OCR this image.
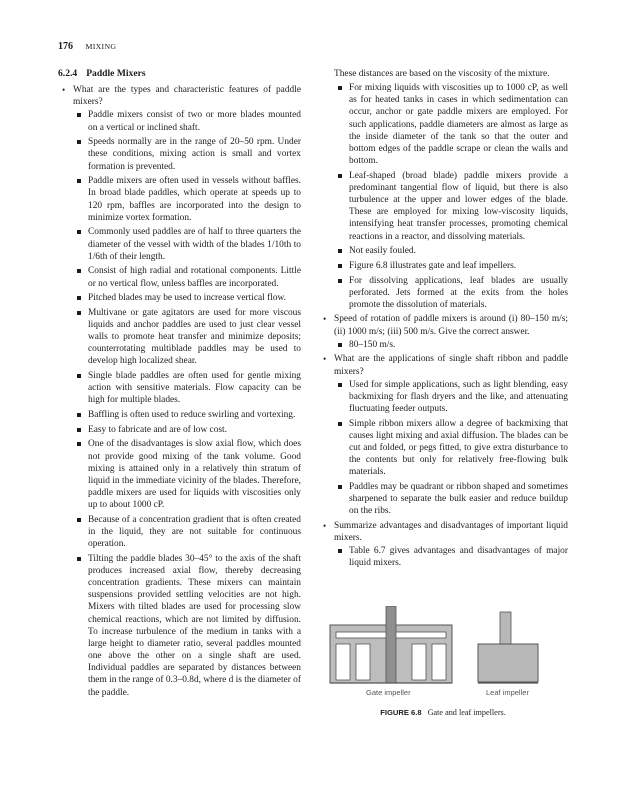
176 MIXING
6.2.4 Paddle Mixers
• What are the types and characteristic features of paddle mixers?
Paddle mixers consist of two or more blades mounted on a vertical or inclined shaft.
Speeds normally are in the range of 20–50 rpm. Under these conditions, mixing action is small and vortex formation is prevented.
Paddle mixers are often used in vessels without baffles. In broad blade paddles, which operate at speeds up to 120 rpm, baffles are incorporated into the design to minimize vortex formation.
Commonly used paddles are of half to three quarters the diameter of the vessel with width of the blades 1/10th to 1/6th of their length.
Consist of high radial and rotational components. Little or no vertical flow, unless baffles are incorporated.
Pitched blades may be used to increase vertical flow.
Multivane or gate agitators are used for more viscous liquids and anchor paddles are used to just clear vessel walls to promote heat transfer and minimize deposits; counterrotating multiblade paddles may be used to develop high localized shear.
Single blade paddles are often used for gentle mixing action with sensitive materials. Flow capacity can be high for multiple blades.
Baffling is often used to reduce swirling and vortexing.
Easy to fabricate and are of low cost.
One of the disadvantages is slow axial flow, which does not provide good mixing of the tank volume. Good mixing is attained only in a relatively thin stratum of liquid in the immediate vicinity of the blades. Therefore, paddle mixers are used for liquids with viscosities only up to about 1000 cP.
Because of a concentration gradient that is often created in the liquid, they are not suitable for continuous operation.
Tilting the paddle blades 30–45° to the axis of the shaft produces increased axial flow, thereby decreasing concentration gradients. These mixers can maintain suspensions provided settling velocities are not high. Mixers with tilted blades are used for processing slow chemical reactions, which are not limited by diffusion. To increase turbulence of the medium in tanks with a large height to diameter ratio, several paddles mounted one above the other on a single shaft are used. Individual paddles are separated by distances between them in the range of 0.3–0.8d, where d is the diameter of the paddle.
These distances are based on the viscosity of the mixture.
For mixing liquids with viscosities up to 1000 cP, as well as for heated tanks in cases in which sedimentation can occur, anchor or gate paddle mixers are employed. For such applications, paddle diameters are almost as large as the inside diameter of the tank so that the outer and bottom edges of the paddle scrape or clean the walls and bottom.
Leaf-shaped (broad blade) paddle mixers provide a predominant tangential flow of liquid, but there is also turbulence at the upper and lower edges of the blade. These are employed for mixing low-viscosity liquids, intensifying heat transfer processes, promoting chemical reactions in a reactor, and dissolving materials.
Not easily fouled.
Figure 6.8 illustrates gate and leaf impellers.
For dissolving applications, leaf blades are usually perforated. Jets formed at the exits from the holes promote the dissolution of materials.
• Speed of rotation of paddle mixers is around (i) 80–150 m/s; (ii) 1000 m/s; (iii) 500 m/s. Give the correct answer.
80–150 m/s.
• What are the applications of single shaft ribbon and paddle mixers?
Used for simple applications, such as light blending, easy backmixing for flash dryers and the like, and attenuating fluctuating feeder outputs.
Simple ribbon mixers allow a degree of backmixing that causes light mixing and axial diffusion. The blades can be cut and folded, or pegs fitted, to give extra disturbance to the contents but only for relatively free-flowing bulk materials.
Paddles may be quadrant or ribbon shaped and sometimes sharpened to separate the bulk easier and reduce buildup on the ribs.
• Summarize advantages and disadvantages of important liquid mixers.
Table 6.7 gives advantages and disadvantages of major liquid mixers.
Gate impeller	Leaf impeller
FIGURE 6.8 Gate and leaf impellers.
